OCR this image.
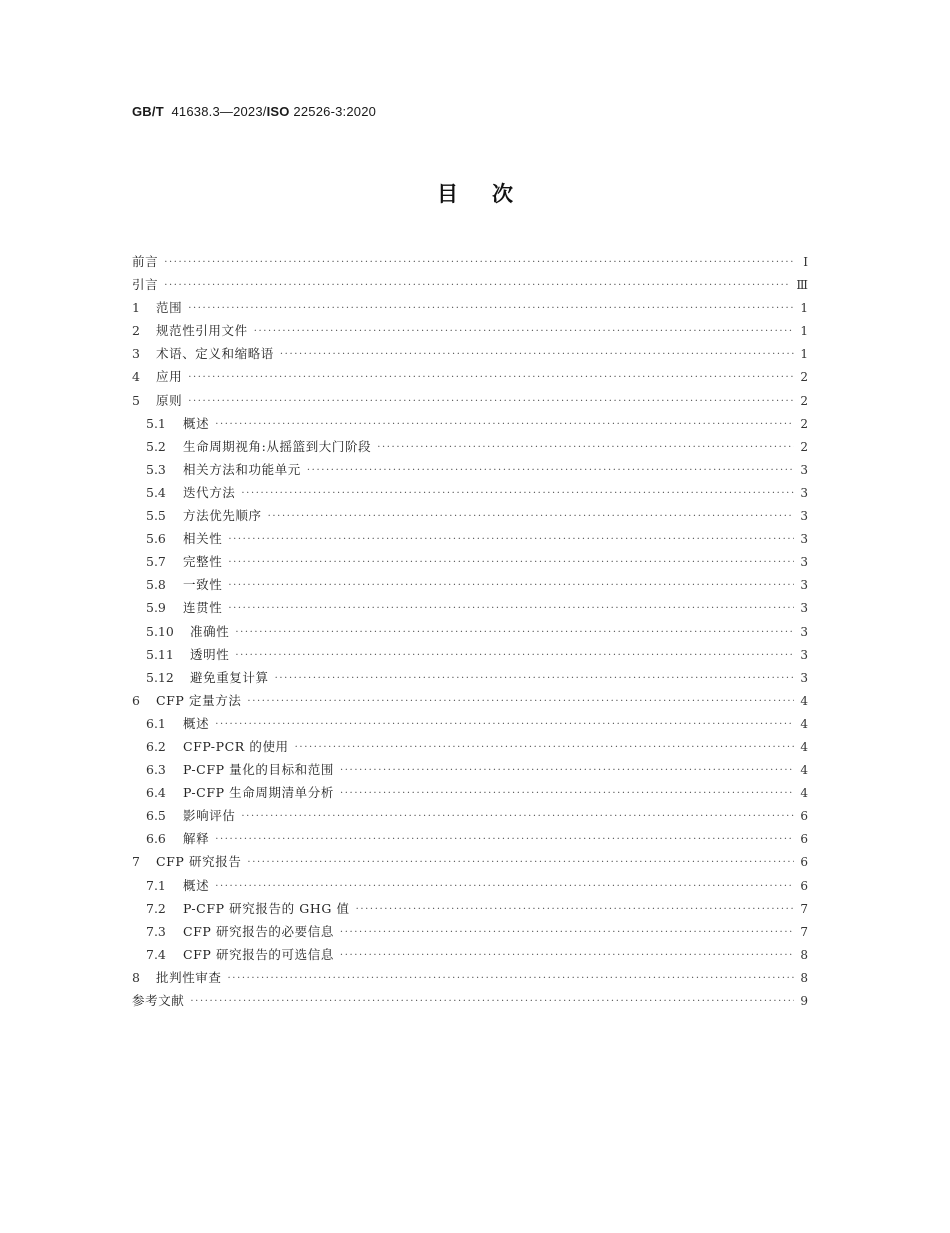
GB/T 41638.3—2023/ISO 22526-3:2020
目次
前言 ·····	I
引言 ·····	Ⅲ
1	范围 ·····	1
2	规范性引用文件 ·····	1
3	术语、定义和缩略语 ·····	1
4	应用 ·····	2
5	原则 ·····	2
5.1	概述 ·····	2
5.2	生命周期视角:从摇篮到大门阶段 ·····	2
5.3	相关方法和功能单元 ·····	3
5.4	迭代方法 ·····	3
5.5	方法优先顺序 ·····	3
5.6	相关性 ·····	3
5.7	完整性 ·····	3
5.8	一致性 ·····	3
5.9	连贯性 ·····	3
5.10	准确性 ·····	3
5.11	透明性 ·····	3
5.12	避免重复计算 ·····	3
6	CFP 定量方法 ·····	4
6.1	概述 ·····	4
6.2	CFP-PCR 的使用 ·····	4
6.3	P-CFP 量化的目标和范围 ·····	4
6.4	P-CFP 生命周期清单分析 ·····	4
6.5	影响评估 ·····	6
6.6	解释 ·····	6
7	CFP 研究报告 ·····	6
7.1	概述 ·····	6
7.2	P-CFP 研究报告的 GHG 值 ·····	7
7.3	CFP 研究报告的必要信息 ·····	7
7.4	CFP 研究报告的可选信息 ·····	8
8	批判性审查 ·····	8
参考文献 ·····	9
